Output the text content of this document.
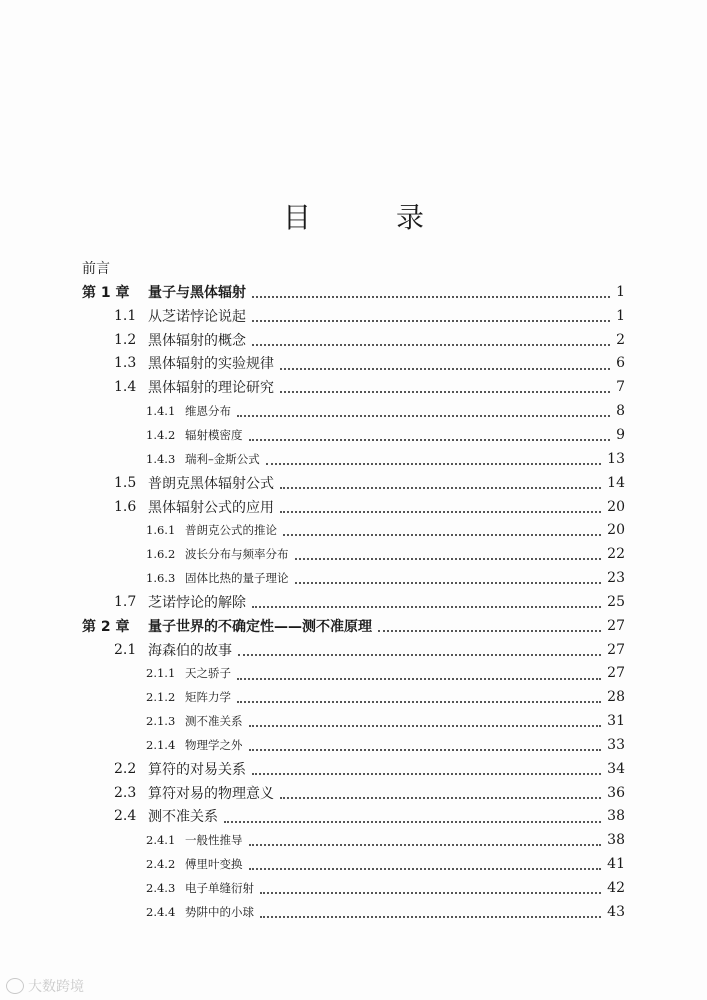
目 录
前言
第 1 章 量子与黑体辐射	1
1.1 从芝诺悖论说起	1
1.2 黑体辐射的概念	2
1.3 黑体辐射的实验规律	6
1.4 黑体辐射的理论研究	7
1.4.1 维恩分布	8
1.4.2 辐射模密度	9
1.4.3 瑞利–金斯公式	13
1.5 普朗克黑体辐射公式	14
1.6 黑体辐射公式的应用	20
1.6.1 普朗克公式的推论	20
1.6.2 波长分布与频率分布	22
1.6.3 固体比热的量子理论	23
1.7 芝诺悖论的解除	25
第 2 章 量子世界的不确定性——测不准原理	27
2.1 海森伯的故事	27
2.1.1 天之骄子	27
2.1.2 矩阵力学	28
2.1.3 测不准关系	31
2.1.4 物理学之外	33
2.2 算符的对易关系	34
2.3 算符对易的物理意义	36
2.4 测不准关系	38
2.4.1 一般性推导	38
2.4.2 傅里叶变换	41
2.4.3 电子单缝衍射	42
2.4.4 势阱中的小球	43
大数跨境
